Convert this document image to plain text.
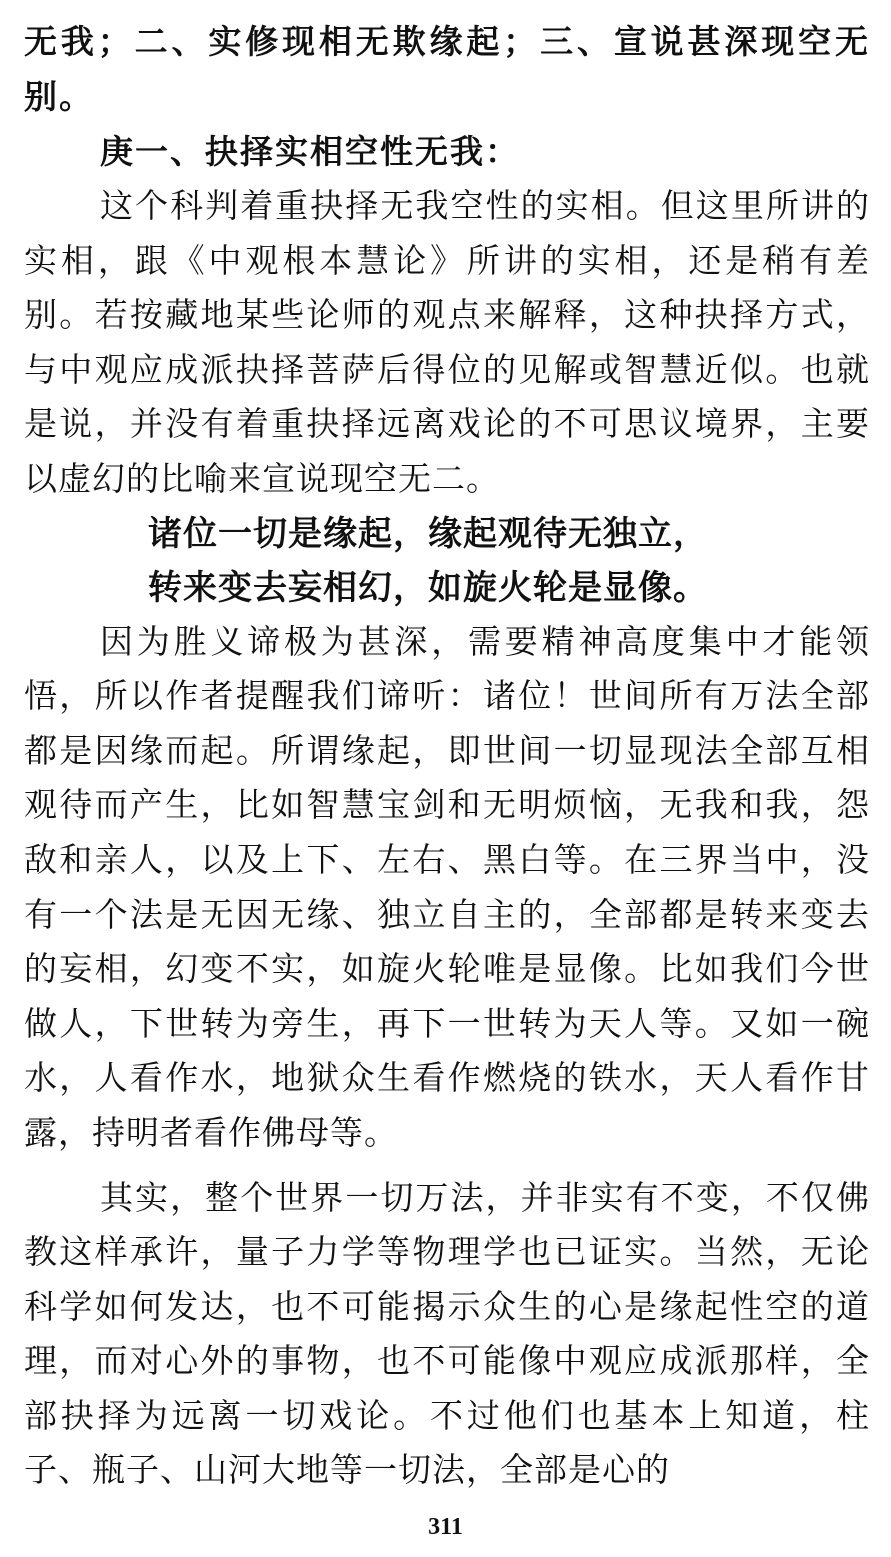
无我；二、实修现相无欺缘起；三、宣说甚深现空无别。

庚一、抉择实相空性无我：

这个科判着重抉择无我空性的实相。但这里所讲的实相，跟《中观根本慧论》所讲的实相，还是稍有差别。若按藏地某些论师的观点来解释，这种抉择方式，与中观应成派抉择菩萨后得位的见解或智慧近似。也就是说，并没有着重抉择远离戏论的不可思议境界，主要以虚幻的比喻来宣说现空无二。

诸位一切是缘起，缘起观待无独立，

转来变去妄相幻，如旋火轮是显像。

因为胜义谛极为甚深，需要精神高度集中才能领悟，所以作者提醒我们谛听：诸位！世间所有万法全部都是因缘而起。所谓缘起，即世间一切显现法全部互相观待而产生，比如智慧宝剑和无明烦恼，无我和我，怨敌和亲人，以及上下、左右、黑白等。在三界当中，没有一个法是无因无缘、独立自主的，全部都是转来变去的妄相，幻变不实，如旋火轮唯是显像。比如我们今世做人，下世转为旁生，再下一世转为天人等。又如一碗水，人看作水，地狱众生看作燃烧的铁水，天人看作甘露，持明者看作佛母等。

其实，整个世界一切万法，并非实有不变，不仅佛教这样承许，量子力学等物理学也已证实。当然，无论科学如何发达，也不可能揭示众生的心是缘起性空的道理，而对心外的事物，也不可能像中观应成派那样，全部抉择为远离一切戏论。不过他们也基本上知道，柱子、瓶子、山河大地等一切法，全部是心的

311
